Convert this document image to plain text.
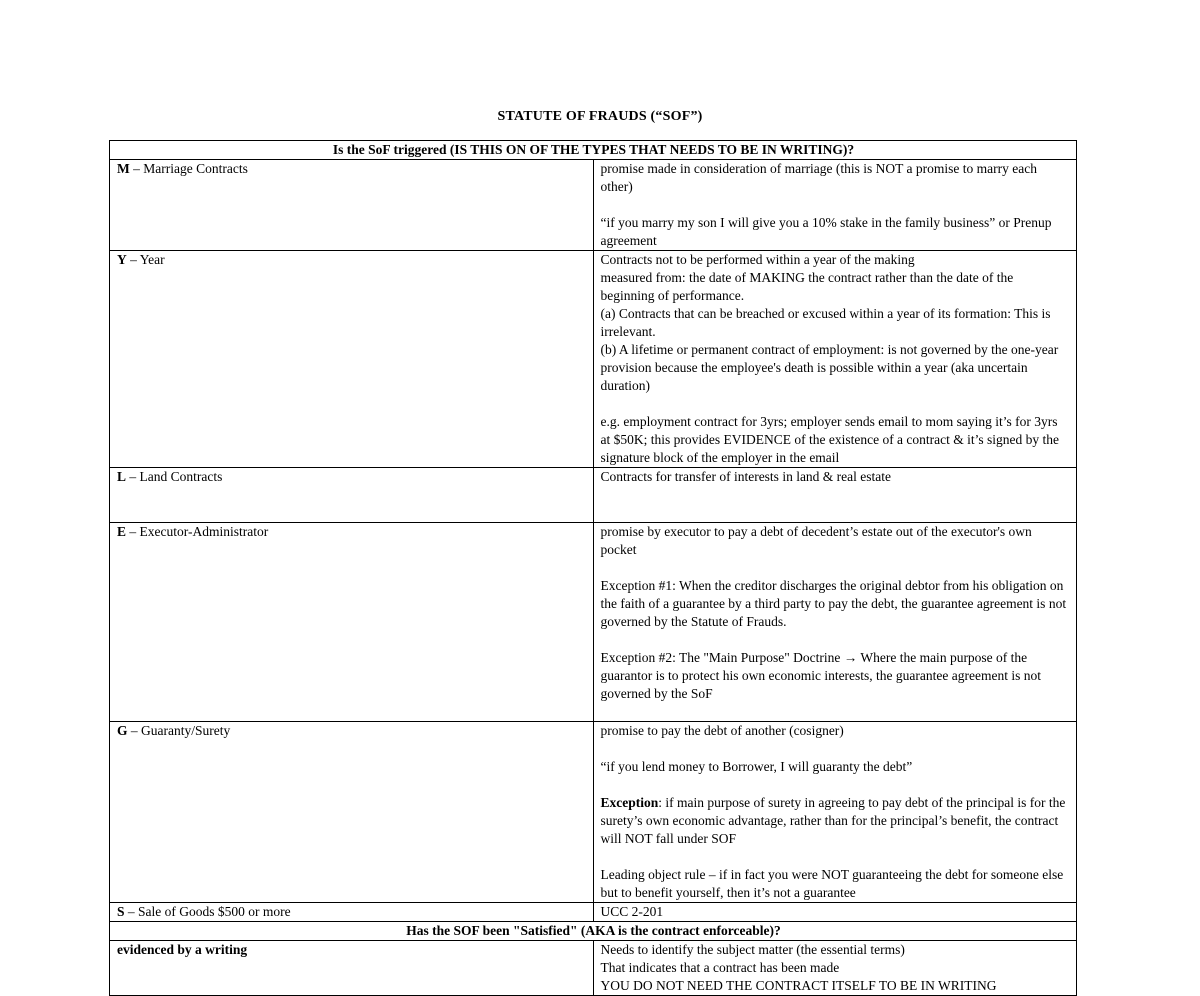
STATUTE OF FRAUDS (“SOF”)
Is the SoF triggered (IS THIS ON OF THE TYPES THAT NEEDS TO BE IN WRITING)?	
M – Marriage Contracts	promise made in consideration of marriage (this is NOT a promise to marry each other)
“if you marry my son I will give you a 10% stake in the family business” or Prenup agreement

Y – Year	Contracts not to be performed within a year of the making
measured from: the date of MAKING the contract rather than the date of the beginning of performance.
(a) Contracts that can be breached or excused within a year of its formation: This is irrelevant.
(b) A lifetime or permanent contract of employment: is not governed by the one-year provision because the employee's death is possible within a year (aka uncertain duration)
e.g. employment contract for 3yrs; employer sends email to mom saying it’s for 3yrs at $50K; this provides EVIDENCE of the existence of a contract & it’s signed by the signature block of the employer in the email

L – Land Contracts	Contracts for transfer of interests in land & real estate

E – Executor-Administrator	promise by executor to pay a debt of decedent’s estate out of the executor's own pocket
Exception #1: When the creditor discharges the original debtor from his obligation on the faith of a guarantee by a third party to pay the debt, the guarantee agreement is not governed by the Statute of Frauds.
Exception #2: The "Main Purpose" Doctrine → Where the main purpose of the guarantor is to protect his own economic interests, the guarantee agreement is not governed by the SoF

G – Guaranty/Surety	promise to pay the debt of another (cosigner)
“if you lend money to Borrower, I will guaranty the debt”
Exception: if main purpose of surety in agreeing to pay debt of the principal is for the surety’s own economic advantage, rather than for the principal’s benefit, the contract will NOT fall under SOF
Leading object rule – if in fact you were NOT guaranteeing the debt for someone else but to benefit yourself, then it’s not a guarantee

S – Sale of Goods $500 or more	UCC 2-201

Has the SOF been "Satisfied" (AKA is the contract enforceable)?	
evidenced by a writing	Needs to identify the subject matter (the essential terms)
That indicates that a contract has been made
YOU DO NOT NEED THE CONTRACT ITSELF TO BE IN WRITING
